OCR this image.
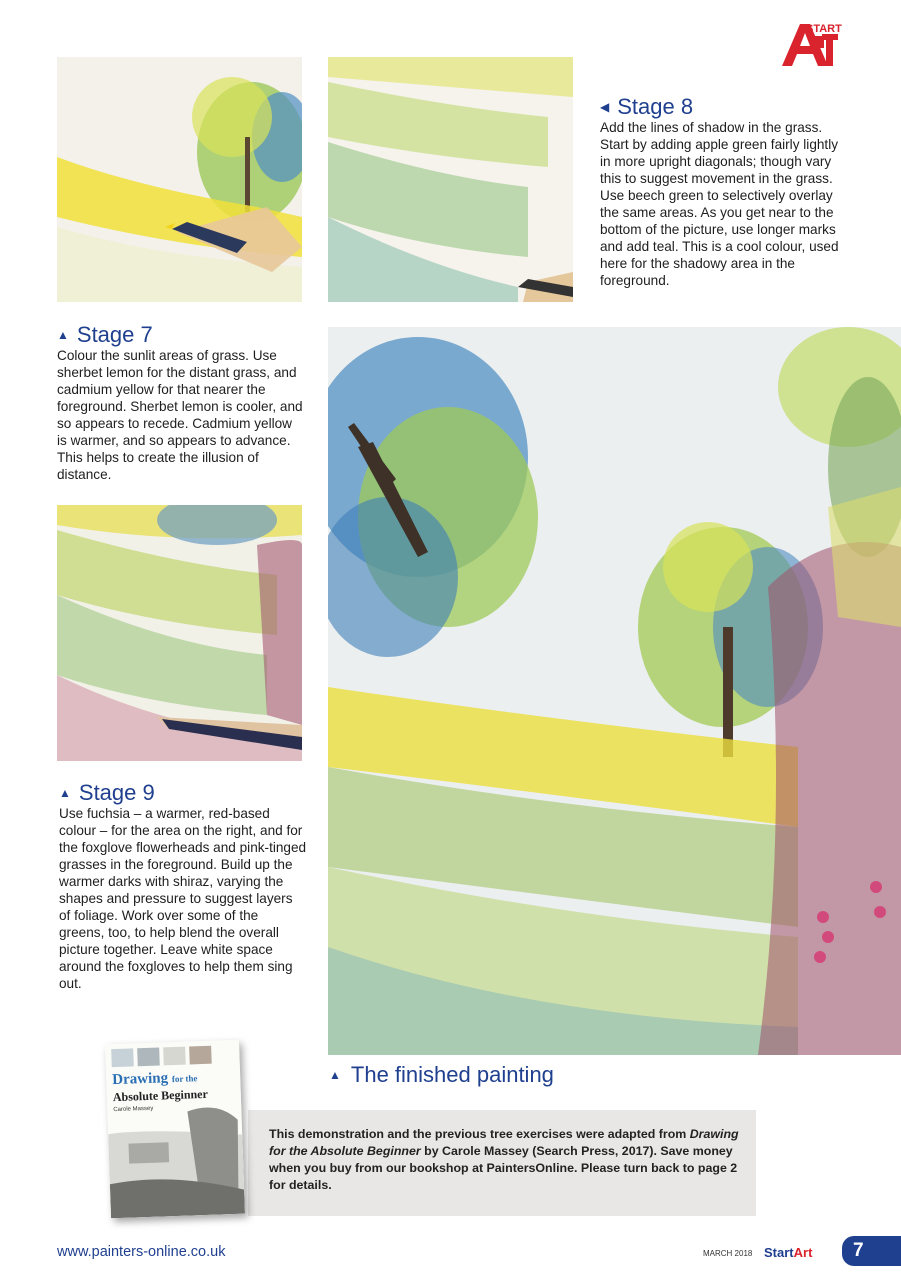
START
◀ Stage 8

Add the lines of shadow in the grass. Start by adding apple green fairly lightly in more upright diagonals; though vary this to suggest movement in the grass. Use beech green to selectively overlay the same areas. As you get near to the bottom of the picture, use longer marks and add teal. This is a cool colour, used here for the shadowy area in the foreground.

▲ Stage 7

Colour the sunlit areas of grass. Use sherbet lemon for the distant grass, and cadmium yellow for that nearer the foreground. Sherbet lemon is cooler, and so appears to recede. Cadmium yellow is warmer, and so appears to advance. This helps to create the illusion of distance.

▲ Stage 9

Use fuchsia – a warmer, red-based colour – for the area on the right, and for the foxglove flowerheads and pink-tinged grasses in the foreground. Build up the warmer darks with shiraz, varying the shapes and pressure to suggest layers of foliage. Work over some of the greens, too, to help blend the overall picture together. Leave white space around the foxgloves to help them sing out.

▲ The finished painting

This demonstration and the previous tree exercises were adapted from Drawing for the Absolute Beginner by Carole Massey (Search Press, 2017). Save money when you buy from our bookshop at PaintersOnline. Please turn back to page 2 for details.

Drawing for the
Absolute Beginner
Carole Massey
www.painters-online.co.uk	MARCH 2018 StartArt	7
